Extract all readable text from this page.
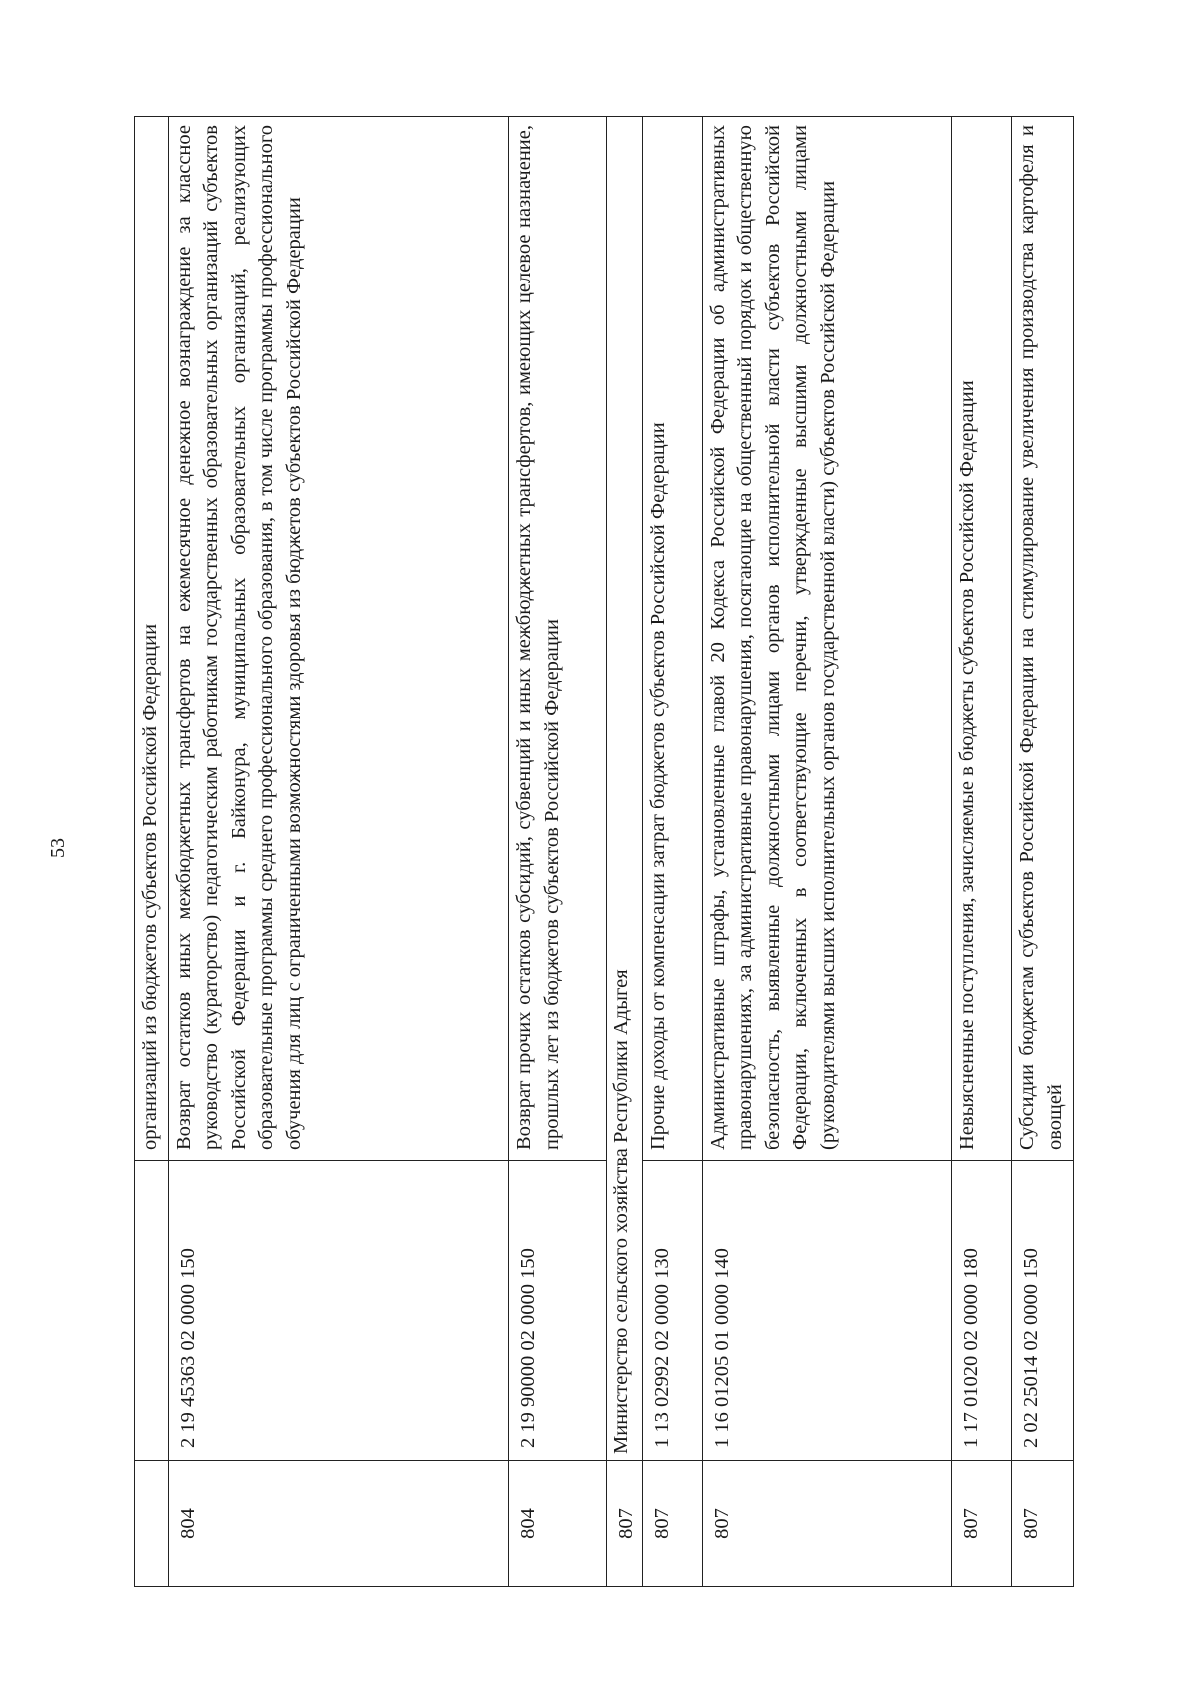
53
			организаций из бюджетов субъектов Российской Федерации
804	2 19 45363 02 0000 150	Возврат остатков иных межбюджетных трансфертов на ежемесячное денежное вознаграждение за классное руководство (кураторство) педагогическим работникам государственных образовательных организаций субъектов Российской Федерации и г. Байконура, муниципальных образовательных организаций, реализующих образовательные программы среднего профессионального образования, в том числе программы профессионального обучения для лиц с ограниченными возможностями здоровья из бюджетов субъектов Российской Федерации
804	2 19 90000 02 0000 150	Возврат прочих остатков субсидий, субвенций и иных межбюджетных трансфертов, имеющих целевое назначение, прошлых лет из бюджетов субъектов Российской Федерации
807	Министерство сельского хозяйства Республики Адыгея	
807	1 13 02992 02 0000 130	Прочие доходы от компенсации затрат бюджетов субъектов Российской Федерации
807	1 16 01205 01 0000 140	Административные штрафы, установленные главой 20 Кодекса Российской Федерации об административных правонарушениях, за административные правонарушения, посягающие на общественный порядок и общественную безопасность, выявленные должностными лицами органов исполнительной власти субъектов Российской Федерации, включенных в соответствующие перечни, утвержденные высшими должностными лицами (руководителями высших исполнительных органов государственной власти) субъектов Российской Федерации
807	1 17 01020 02 0000 180	Невыясненные поступления, зачисляемые в бюджеты субъектов Российской Федерации
807	2 02 25014 02 0000 150	Субсидии бюджетам субъектов Российской Федерации на стимулирование увеличения производства картофеля и овощей
